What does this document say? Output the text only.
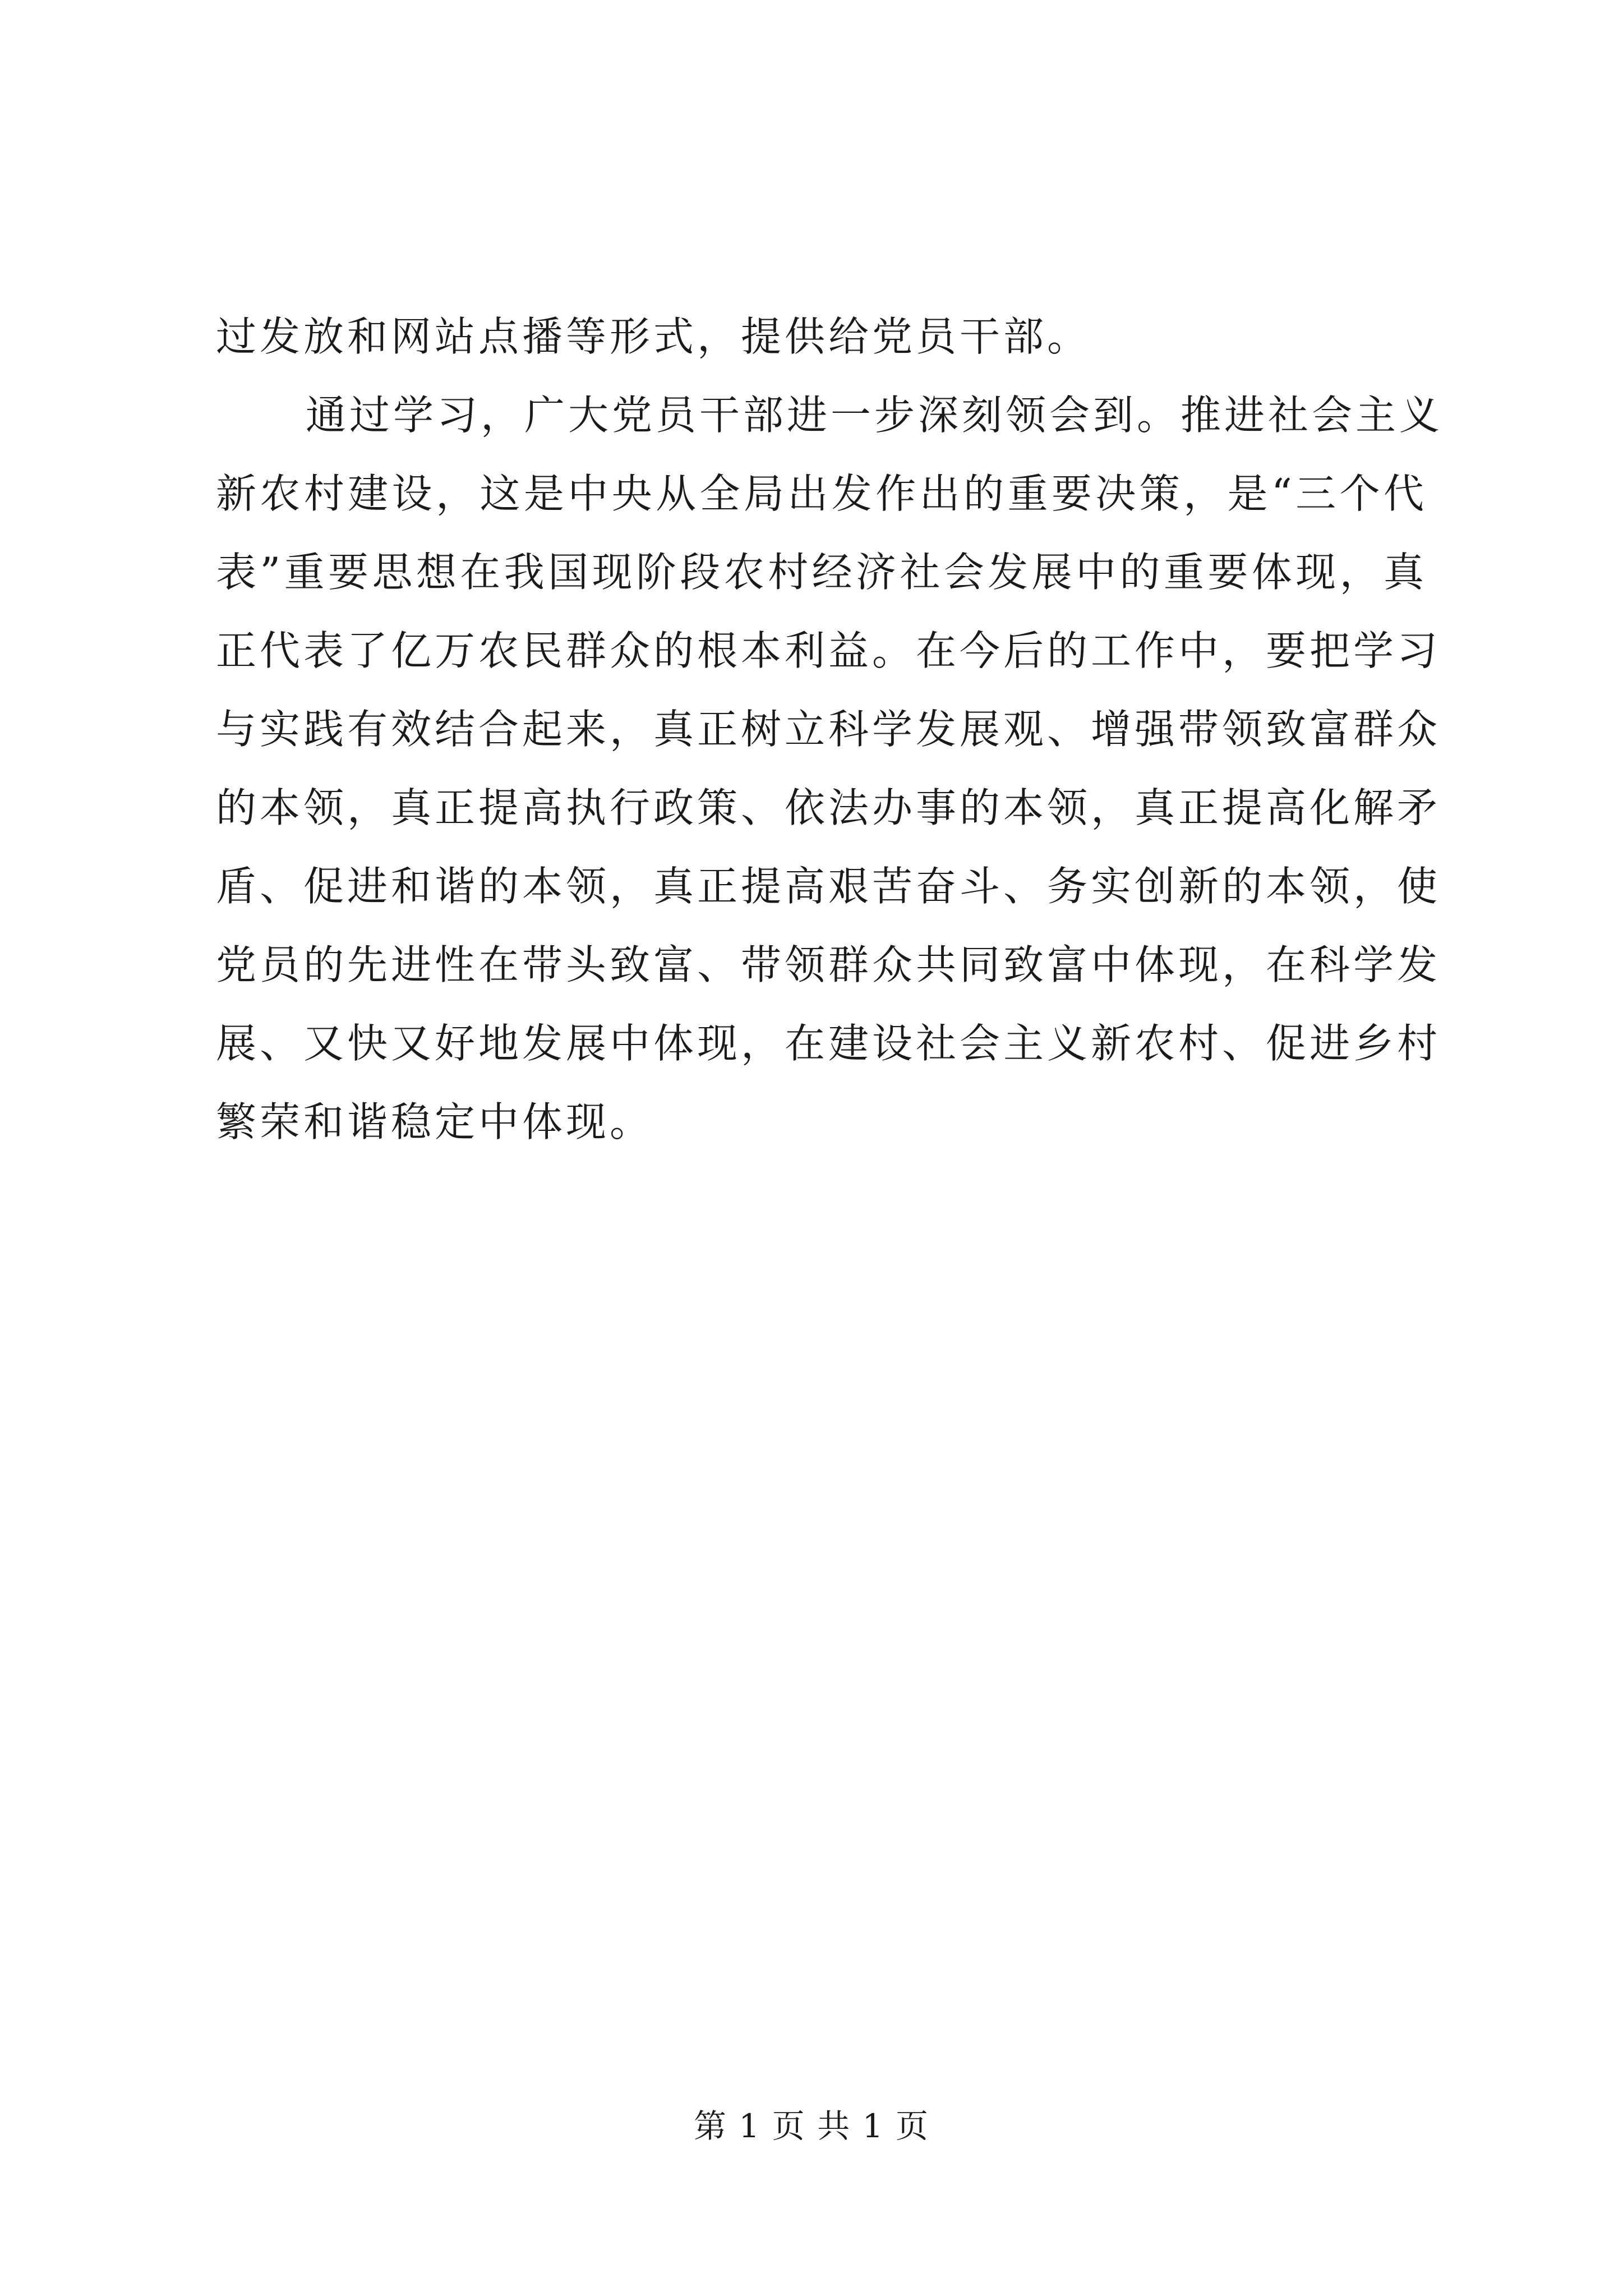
过发放和网站点播等形式，提供给党员干部。
通过学习，广大党员干部进一步深刻领会到。推进社会主义
新农村建设，这是中央从全局出发作出的重要决策，是“三个代
表”重要思想在我国现阶段农村经济社会发展中的重要体现，真
正代表了亿万农民群众的根本利益。在今后的工作中，要把学习
与实践有效结合起来，真正树立科学发展观、增强带领致富群众
的本领，真正提高执行政策、依法办事的本领，真正提高化解矛
盾、促进和谐的本领，真正提高艰苦奋斗、务实创新的本领，使
党员的先进性在带头致富、带领群众共同致富中体现，在科学发
展、又快又好地发展中体现，在建设社会主义新农村、促进乡村
繁荣和谐稳定中体现。
第 1 页 共 1 页
